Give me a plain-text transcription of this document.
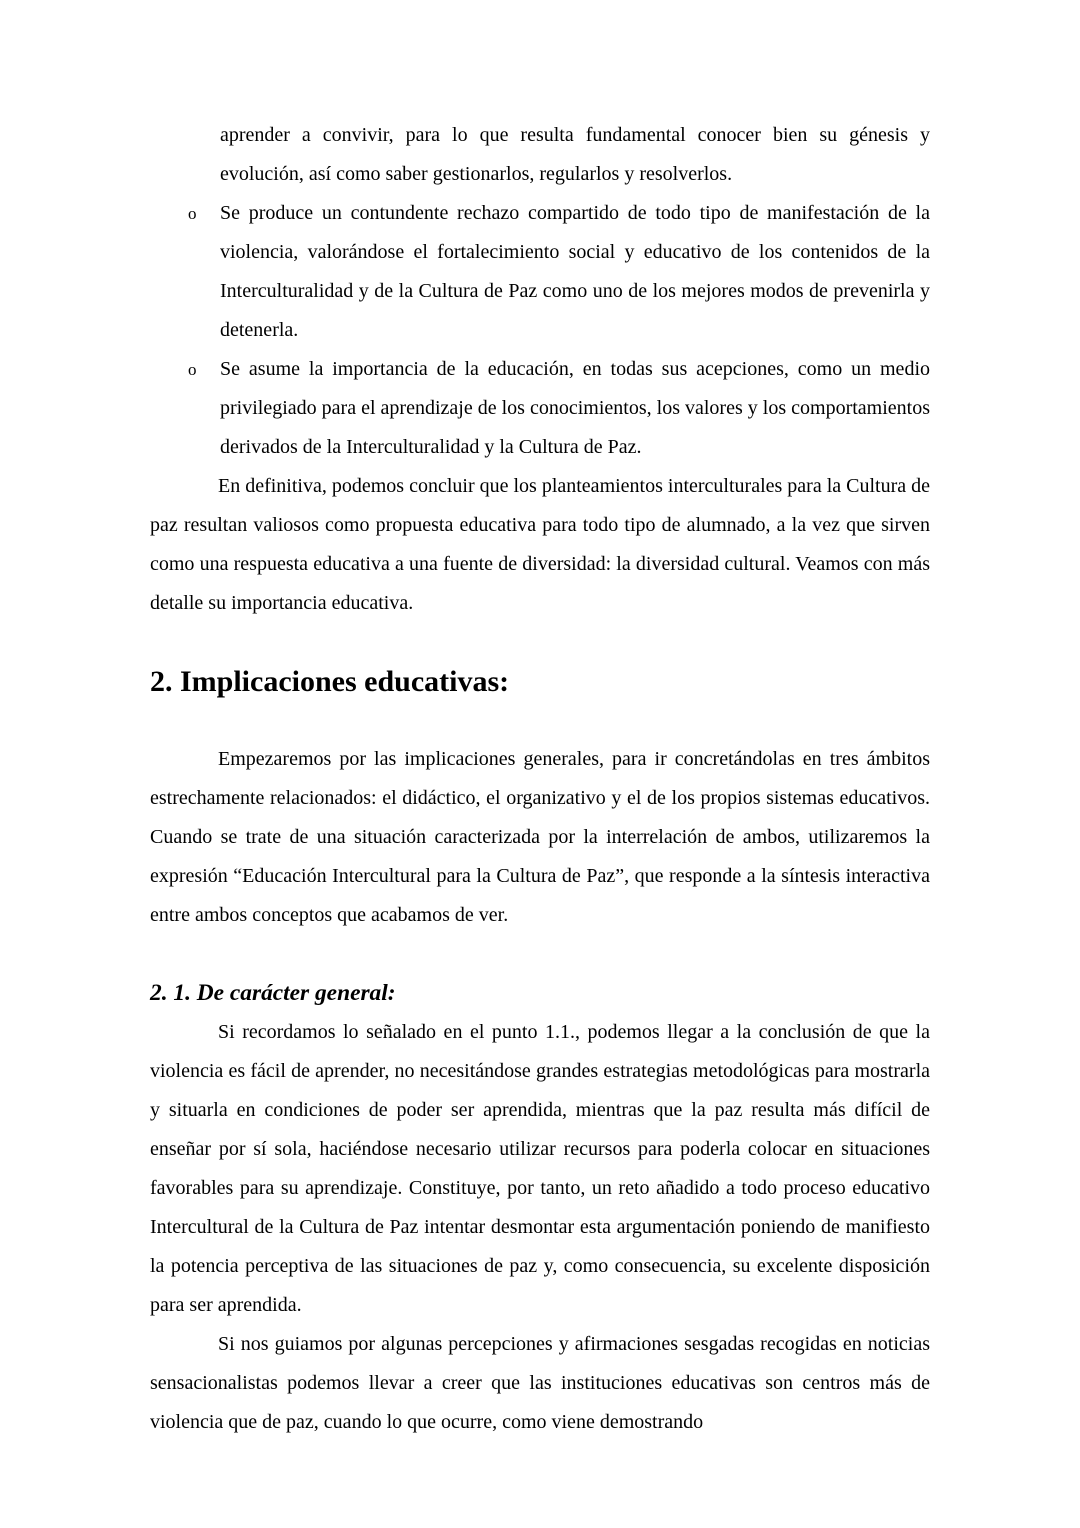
aprender a convivir, para lo que resulta fundamental conocer bien su génesis y evolución, así como saber gestionarlos, regularlos y resolverlos.

o	Se produce un contundente rechazo compartido de todo tipo de manifestación de la violencia, valorándose el fortalecimiento social y educativo de los contenidos de la Interculturalidad y de la Cultura de Paz como uno de los mejores modos de prevenirla y detenerla.

o	Se asume la importancia de la educación, en todas sus acepciones, como un medio privilegiado para el aprendizaje de los conocimientos, los valores y los comportamientos derivados de la Interculturalidad y la Cultura de Paz.

En definitiva, podemos concluir que los planteamientos interculturales para la Cultura de paz resultan valiosos como propuesta educativa para todo tipo de alumnado, a la vez que sirven como una respuesta educativa a una fuente de diversidad: la diversidad cultural. Veamos con más detalle su importancia educativa.

2. Implicaciones educativas:

Empezaremos por las implicaciones generales, para ir concretándolas en tres ámbitos estrechamente relacionados: el didáctico, el organizativo y el de los propios sistemas educativos. Cuando se trate de una situación caracterizada por la interrelación de ambos, utilizaremos la expresión “Educación Intercultural para la Cultura de Paz”, que responde a la síntesis interactiva entre ambos conceptos que acabamos de ver.

2. 1. De carácter general:

Si recordamos lo señalado en el punto 1.1., podemos llegar a la conclusión de que la violencia es fácil de aprender, no necesitándose grandes estrategias metodológicas para mostrarla y situarla en condiciones de poder ser aprendida, mientras que la paz resulta más difícil de enseñar por sí sola, haciéndose necesario utilizar recursos para poderla colocar en situaciones favorables para su aprendizaje. Constituye, por tanto, un reto añadido a todo proceso educativo Intercultural de la Cultura de Paz intentar desmontar esta argumentación poniendo de manifiesto la potencia perceptiva de las situaciones de paz y, como consecuencia, su excelente disposición para ser aprendida.

Si nos guiamos por algunas percepciones y afirmaciones sesgadas recogidas en noticias sensacionalistas podemos llevar a creer que las instituciones educativas son centros más de violencia que de paz, cuando lo que ocurre, como viene demostrando
